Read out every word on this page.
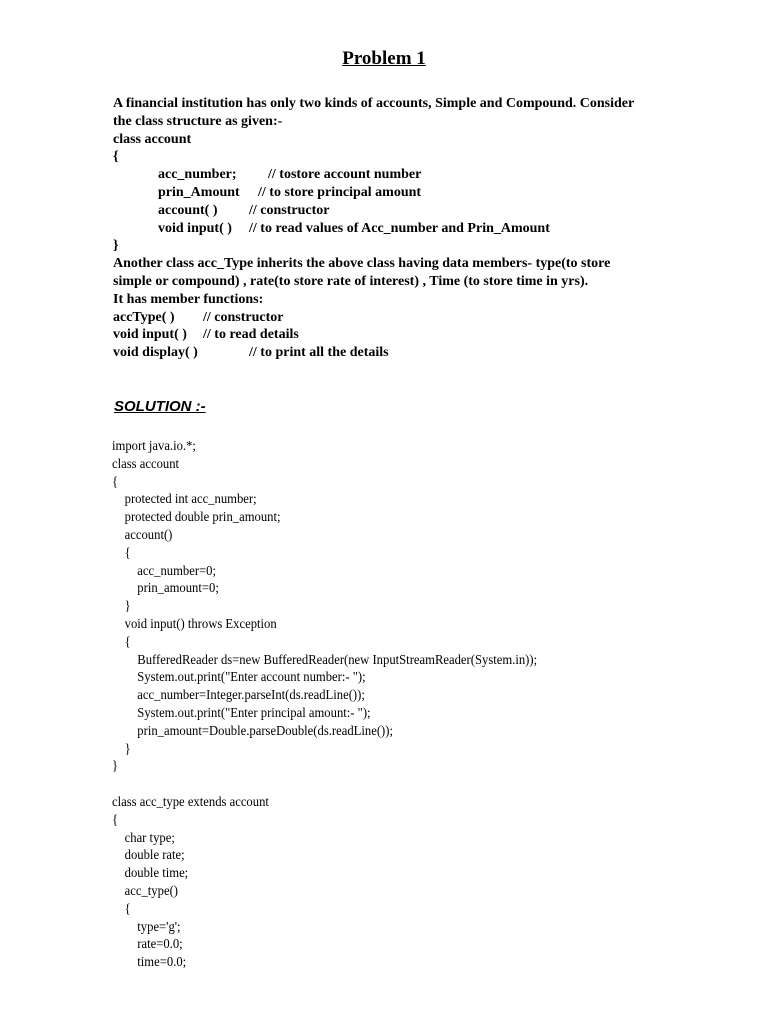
Problem 1
A financial institution has only two kinds of accounts, Simple and Compound. Consider
the class structure as given:-
class account
{
acc_number; // tostore account number
prin_Amount // to store principal amount
account( ) // constructor
void input( ) // to read values of Acc_number and Prin_Amount
}
Another class acc_Type inherits the above class having data members- type(to store
simple or compound) , rate(to store rate of interest) , Time (to store time in yrs).
It has member functions:
accType( ) // constructor
void input( ) // to read details
void display( )	// to print all the details
SOLUTION :-
import java.io.*;
class account
{
protected int acc_number;
protected double prin_amount;
account()
{
acc_number=0;
prin_amount=0;
}
void input() throws Exception
{
BufferedReader ds=new BufferedReader(new InputStreamReader(System.in));
System.out.print("Enter account number:- ");
acc_number=Integer.parseInt(ds.readLine());
System.out.print("Enter principal amount:- ");
prin_amount=Double.parseDouble(ds.readLine());
}
}
class acc_type extends account
{
char type;
double rate;
double time;
acc_type()
{
type='g';
rate=0.0;
time=0.0;
